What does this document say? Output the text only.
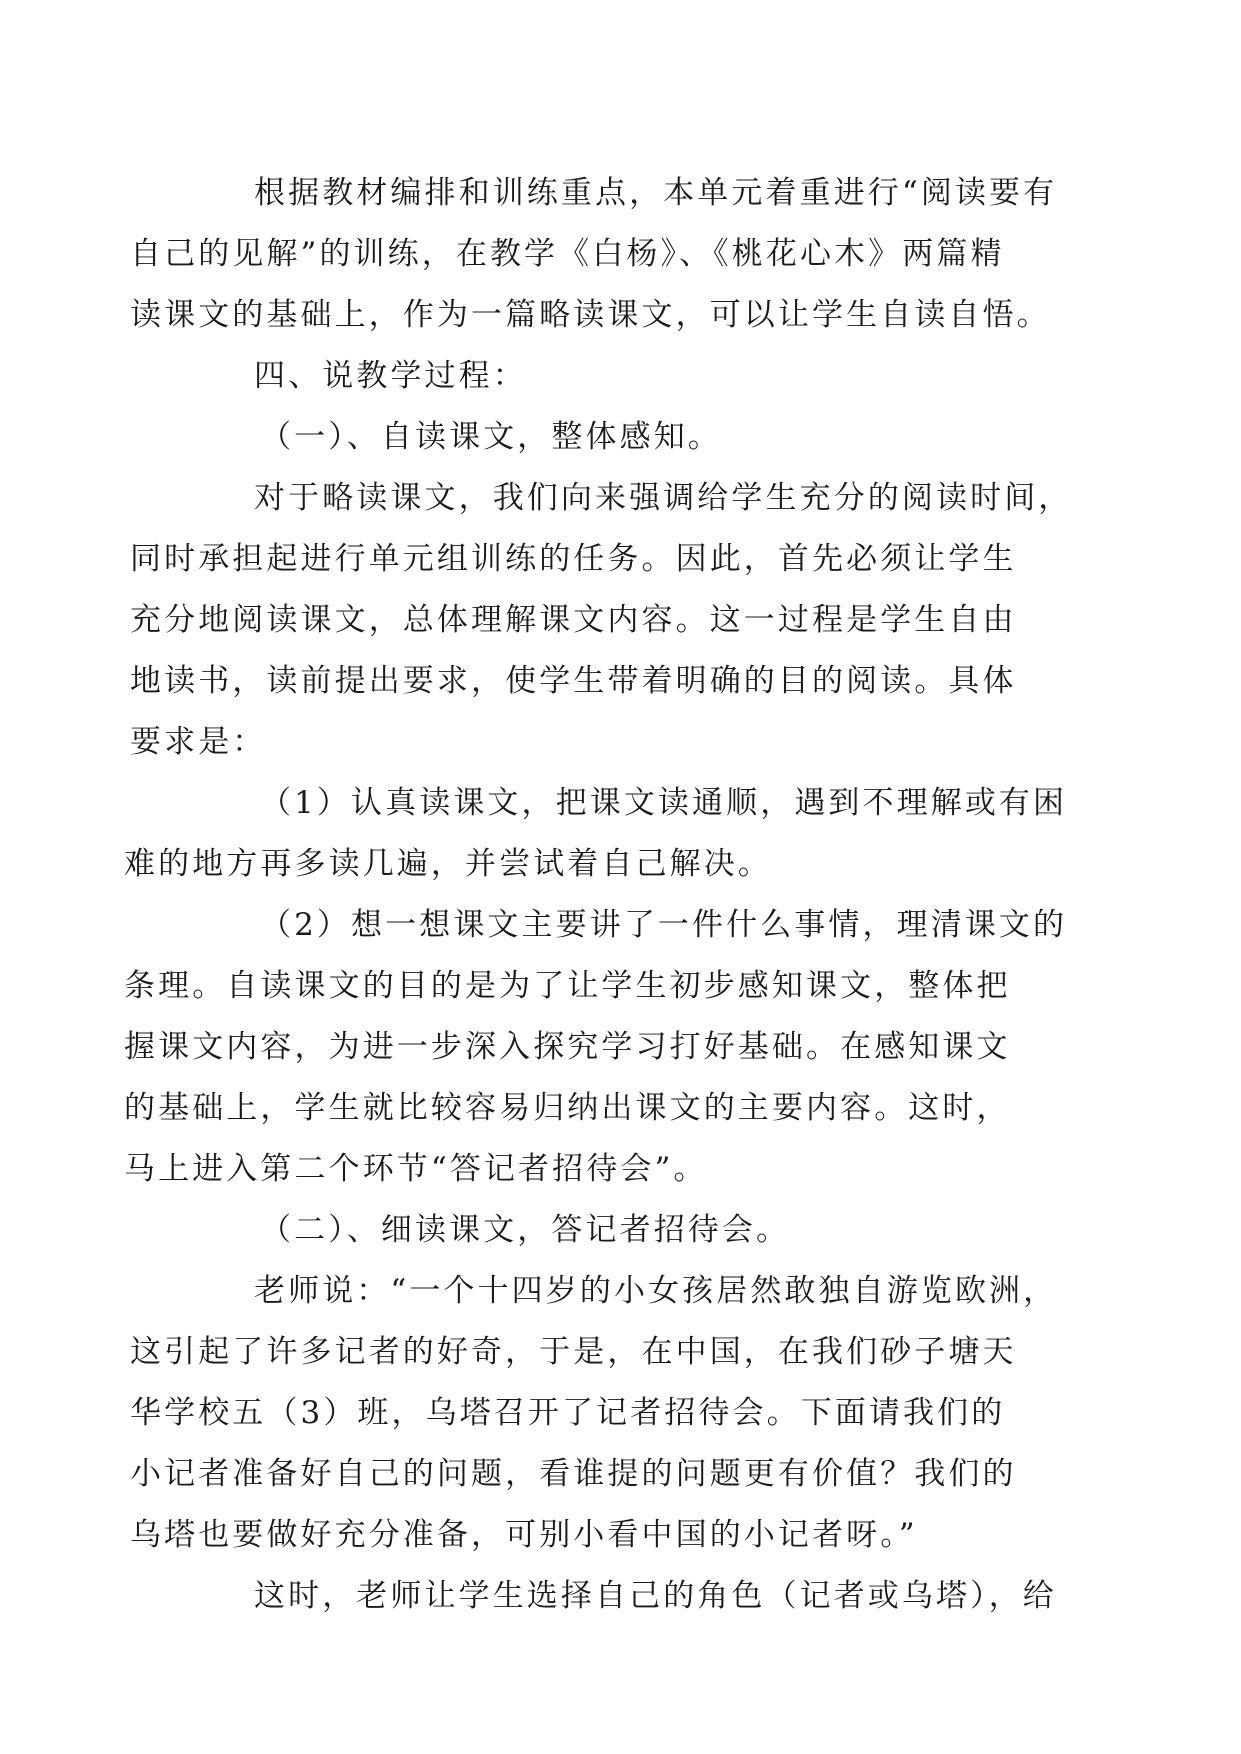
根据教材编排和训练重点，本单元着重进行“阅读要有
自己的见解”的训练，在教学《白杨》、《桃花心木》两篇精
读课文的基础上，作为一篇略读课文，可以让学生自读自悟。

四、说教学过程：

（一）、自读课文，整体感知。

对于略读课文，我们向来强调给学生充分的阅读时间，
同时承担起进行单元组训练的任务。因此，首先必须让学生
充分地阅读课文，总体理解课文内容。这一过程是学生自由
地读书，读前提出要求，使学生带着明确的目的阅读。具体
要求是：

（1）认真读课文，把课文读通顺，遇到不理解或有困
难的地方再多读几遍，并尝试着自己解决。

（2）想一想课文主要讲了一件什么事情，理清课文的
条理。自读课文的目的是为了让学生初步感知课文，整体把
握课文内容，为进一步深入探究学习打好基础。在感知课文
的基础上，学生就比较容易归纳出课文的主要内容。这时，
马上进入第二个环节“答记者招待会”。

（二）、细读课文，答记者招待会。

老师说：“一个十四岁的小女孩居然敢独自游览欧洲，
这引起了许多记者的好奇，于是，在中国，在我们砂子塘天
华学校五（3）班，乌塔召开了记者招待会。下面请我们的
小记者准备好自己的问题，看谁提的问题更有价值？我们的
乌塔也要做好充分准备，可别小看中国的小记者呀。”

这时，老师让学生选择自己的角色（记者或乌塔），给
